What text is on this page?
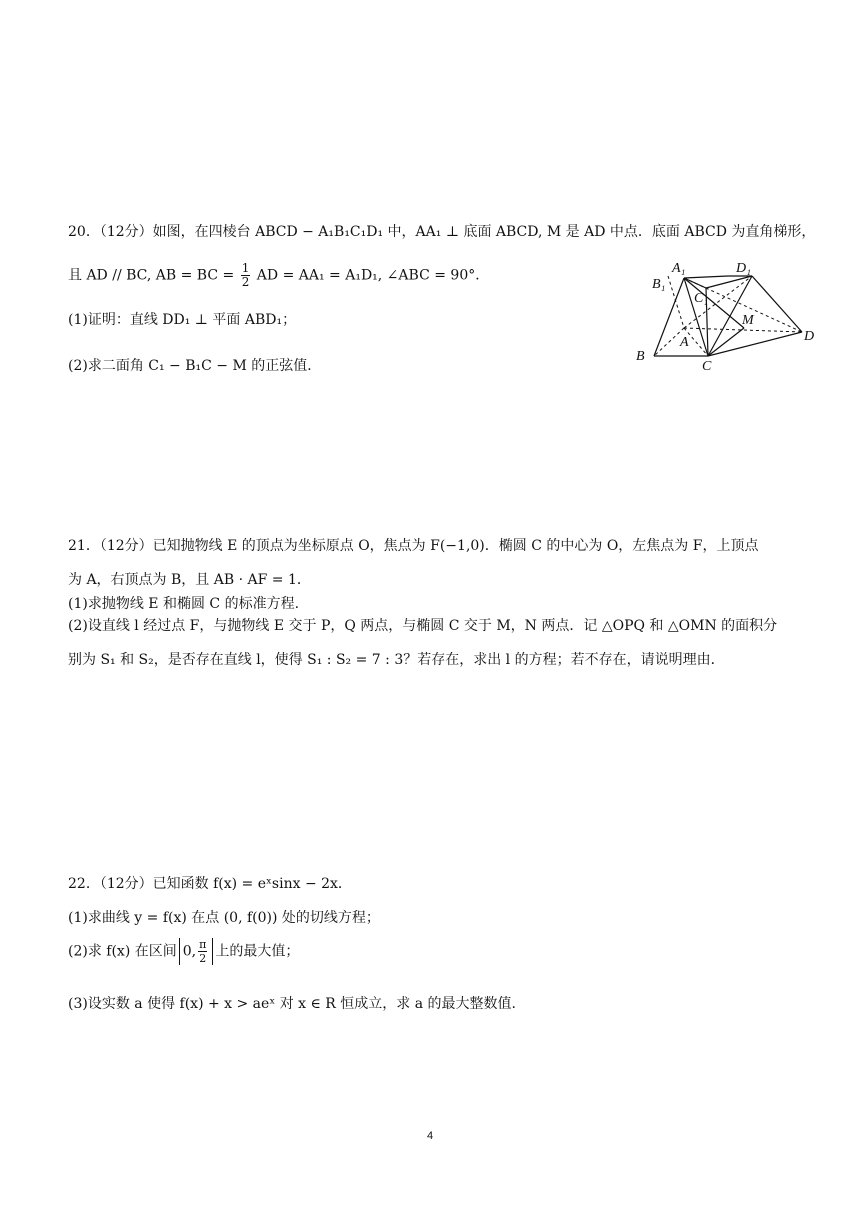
20．（12分）如图，在四棱台 ABCD − A₁B₁C₁D₁ 中，AA₁ ⊥ 底面 ABCD, M 是 AD 中点．底面 ABCD 为直角梯形，
且 AD // BC, AB = BC = $\frac{1}{2}$ AD = AA₁ = A₁D₁, ∠ABC = 90°．
(1)证明：直线 DD₁ ⊥ 平面 ABD₁；
(2)求二面角 C₁ − B₁C − M 的正弦值．
A₁	D₁
B₁
C₁
A
M
D
B
C
21．（12分）已知抛物线 E 的顶点为坐标原点 O，焦点为 F(−1,0)．椭圆 C 的中心为 O，左焦点为 F，上顶点
为 A，右顶点为 B，且 AB · AF = 1．
(1)求抛物线 E 和椭圆 C 的标准方程.
(2)设直线 l 经过点 F，与抛物线 E 交于 P，Q 两点，与椭圆 C 交于 M，N 两点．记 △OPQ 和 △OMN 的面积分
别为 S₁ 和 S₂，是否存在直线 l，使得 S₁ : S₂ = 7 : 3？若存在，求出 l 的方程；若不存在，请说明理由．
22．（12分）已知函数 f(x) = eˣsinx − 2x．
(1)求曲线 y = f(x) 在点 (0, f(0)) 处的切线方程；
(2)求 f(x) 在区间 0, $\frac{\pi}{2}$ 上的最大值；
(3)设实数 a 使得 f(x) + x > aeˣ 对 x ∈ R 恒成立，求 a 的最大整数值.
4
